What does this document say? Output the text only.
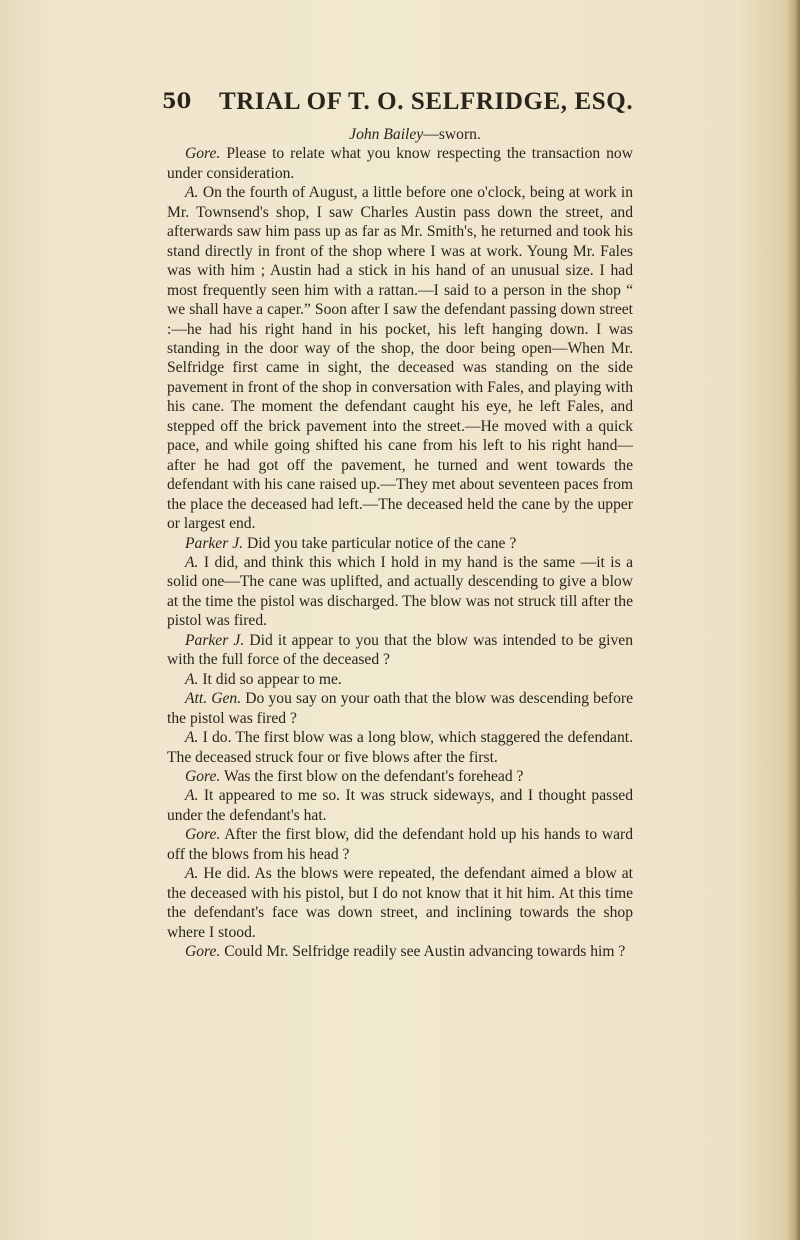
50 TRIAL OF T. O. SELFRIDGE, ESQ.

John Bailey—sworn.

Gore. Please to relate what you know respecting the transaction now under consideration.

A. On the fourth of August, a little before one o'clock, being at work in Mr. Townsend's shop, I saw Charles Austin pass down the street, and afterwards saw him pass up as far as Mr. Smith's, he returned and took his stand directly in front of the shop where I was at work. Young Mr. Fales was with him ; Austin had a stick in his hand of an unusual size. I had most frequently seen him with a rattan.—I said to a person in the shop “ we shall have a caper.” Soon after I saw the defendant passing down street :—he had his right hand in his pocket, his left hanging down. I was standing in the door way of the shop, the door being open—When Mr. Selfridge first came in sight, the deceased was standing on the side pavement in front of the shop in conversation with Fales, and playing with his cane. The moment the defendant caught his eye, he left Fales, and stepped off the brick pavement into the street.—He moved with a quick pace, and while going shifted his cane from his left to his right hand—after he had got off the pavement, he turned and went towards the defendant with his cane raised up.—They met about seventeen paces from the place the deceased had left.—The deceased held the cane by the upper or largest end.

Parker J. Did you take particular notice of the cane ?

A. I did, and think this which I hold in my hand is the same —it is a solid one—The cane was uplifted, and actually descending to give a blow at the time the pistol was discharged. The blow was not struck till after the pistol was fired.

Parker J. Did it appear to you that the blow was intended to be given with the full force of the deceased ?

A. It did so appear to me.

Att. Gen. Do you say on your oath that the blow was descending before the pistol was fired ?

A. I do. The first blow was a long blow, which staggered the defendant. The deceased struck four or five blows after the first.

Gore. Was the first blow on the defendant's forehead ?

A. It appeared to me so. It was struck sideways, and I thought passed under the defendant's hat.

Gore. After the first blow, did the defendant hold up his hands to ward off the blows from his head ?

A. He did. As the blows were repeated, the defendant aimed a blow at the deceased with his pistol, but I do not know that it hit him. At this time the defendant's face was down street, and inclining towards the shop where I stood.

Gore. Could Mr. Selfridge readily see Austin advancing towards him ?
